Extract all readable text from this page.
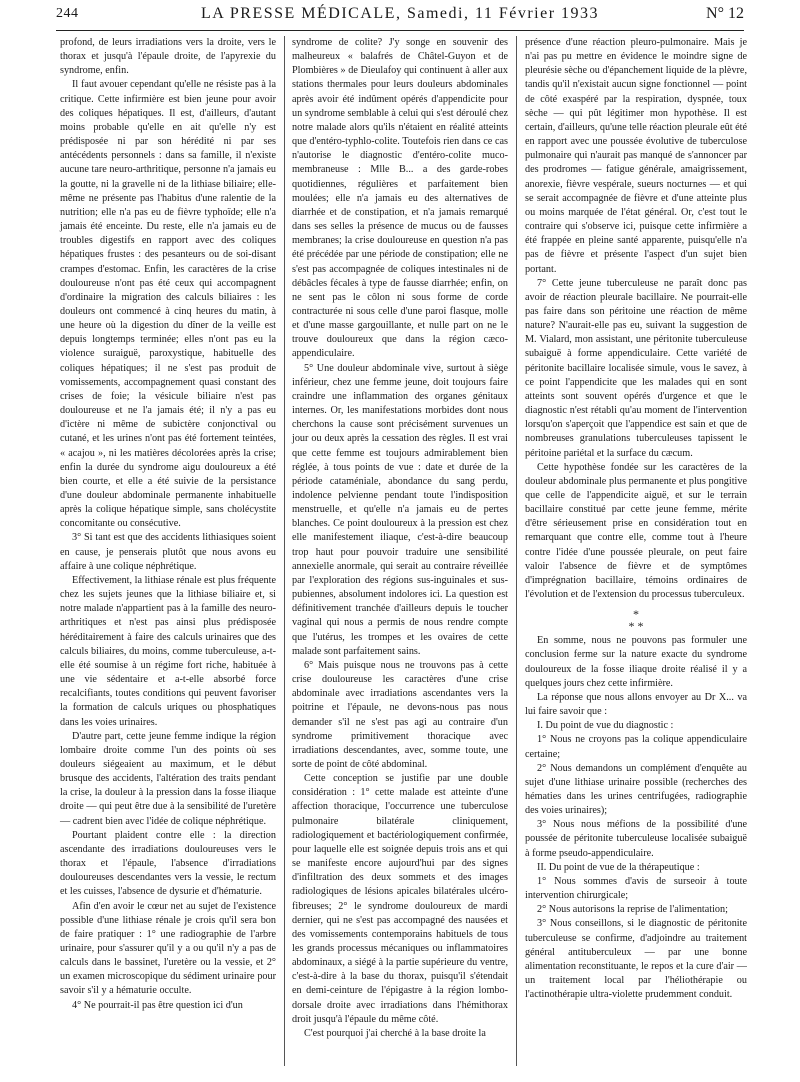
244	LA PRESSE MÉDICALE, Samedi, 11 Février 1933	N° 12

profond, de leurs irradiations vers la droite, vers le thorax et jusqu'à l'épaule droite, de l'apyrexie du syndrome, enfin.

Il faut avouer cependant qu'elle ne résiste pas à la critique. Cette infirmière est bien jeune pour avoir des coliques hépatiques. Il est, d'ailleurs, d'autant moins probable qu'elle en ait qu'elle n'y est prédisposée ni par son hérédité ni par ses antécédents personnels : dans sa famille, il n'existe aucune tare neuro-arthritique, personne n'a jamais eu la goutte, ni la gravelle ni de la lithiase biliaire; elle-même ne présente pas l'habitus d'une ralentie de la nutrition; elle n'a pas eu de fièvre typhoïde; elle n'a jamais été enceinte. Du reste, elle n'a jamais eu de troubles digestifs en rapport avec des coliques hépatiques frustes : des pesanteurs ou de soi-disant crampes d'estomac. Enfin, les caractères de la crise douloureuse n'ont pas été ceux qui accompagnent d'ordinaire la migration des calculs biliaires : les douleurs ont commencé à cinq heures du matin, à une heure où la digestion du dîner de la veille est depuis longtemps terminée; elles n'ont pas eu la violence suraiguë, paroxystique, habituelle des coliques hépatiques; il ne s'est pas produit de vomissements, accompagnement quasi constant des crises de foie; la vésicule biliaire n'est pas douloureuse et ne l'a jamais été; il n'y a pas eu d'ictère ni même de subictère conjonctival ou cutané, et les urines n'ont pas été fortement teintées, « acajou », ni les matières décolorées après la crise; enfin la durée du syndrome aigu douloureux a été bien courte, et elle a été suivie de la persistance d'une douleur abdominale permanente inhabituelle après la colique hépatique simple, sans cholécystite concomitante ou consécutive.

3° Si tant est que des accidents lithiasiques soient en cause, je penserais plutôt que nous avons eu affaire à une colique néphrétique.

Effectivement, la lithiase rénale est plus fréquente chez les sujets jeunes que la lithiase biliaire et, si notre malade n'appartient pas à la famille des neuro-arthritiques et n'est pas ainsi plus prédisposée héréditairement à faire des calculs urinaires que des calculs biliaires, du moins, comme tuberculeuse, a-t-elle été soumise à un régime fort riche, habituée à une vie sédentaire et a-t-elle absorbé force recalcifiants, toutes conditions qui peuvent favoriser la formation de calculs uriques ou phosphatiques dans les voies urinaires.

D'autre part, cette jeune femme indique la région lombaire droite comme l'un des points où ses douleurs siégeaient au maximum, et le début brusque des accidents, l'altération des traits pendant la crise, la douleur à la pression dans la fosse iliaque droite — qui peut être due à la sensibilité de l'uretère — cadrent bien avec l'idée de colique néphrétique.

Pourtant plaident contre elle : la direction ascendante des irradiations douloureuses vers le thorax et l'épaule, l'absence d'irradiations douloureuses descendantes vers la vessie, le rectum et les cuisses, l'absence de dysurie et d'hématurie.

Afin d'en avoir le cœur net au sujet de l'existence possible d'une lithiase rénale je crois qu'il sera bon de faire pratiquer : 1° une radiographie de l'arbre urinaire, pour s'assurer qu'il y a ou qu'il n'y a pas de calculs dans le bassinet, l'uretère ou la vessie, et 2° un examen microscopique du sédiment urinaire pour savoir s'il y a hématurie occulte.

4° Ne pourrait-il pas être question ici d'un

syndrome de colite? J'y songe en souvenir des malheureux « balafrés de Châtel-Guyon et de Plombières » de Dieulafoy qui continuent à aller aux stations thermales pour leurs douleurs abdominales après avoir été indûment opérés d'appendicite pour un syndrome semblable à celui qui s'est déroulé chez notre malade alors qu'ils n'étaient en réalité atteints que d'entéro-typhlo-colite. Toutefois rien dans ce cas n'autorise le diagnostic d'entéro-colite muco-membraneuse : Mlle B... a des garde-robes quotidiennes, régulières et parfaitement bien moulées; elle n'a jamais eu des alternatives de diarrhée et de constipation, et n'a jamais remarqué dans ses selles la présence de mucus ou de fausses membranes; la crise douloureuse en question n'a pas été précédée par une période de constipation; elle ne s'est pas accompagnée de coliques intestinales ni de débâcles fécales à type de fausse diarrhée; enfin, on ne sent pas le côlon ni sous forme de corde contracturée ni sous celle d'une paroi flasque, molle et d'une masse gargouillante, et nulle part on ne le trouve douloureux que dans la région cæco-appendiculaire.

5° Une douleur abdominale vive, surtout à siège inférieur, chez une femme jeune, doit toujours faire craindre une inflammation des organes génitaux internes. Or, les manifestations morbides dont nous cherchons la cause sont précisément survenues un jour ou deux après la cessation des règles. Il est vrai que cette femme est toujours admirablement bien réglée, à tous points de vue : date et durée de la période cataméniale, abondance du sang perdu, indolence pelvienne pendant toute l'indisposition menstruelle, et qu'elle n'a jamais eu de pertes blanches. Ce point douloureux à la pression est chez elle manifestement iliaque, c'est-à-dire beaucoup trop haut pour pouvoir traduire une sensibilité annexielle anormale, qui serait au contraire réveillée par l'exploration des régions sus-inguinales et sus-pubiennes, absolument indolores ici. La question est définitivement tranchée d'ailleurs depuis le toucher vaginal qui nous a permis de nous rendre compte que l'utérus, les trompes et les ovaires de cette malade sont parfaitement sains.

6° Mais puisque nous ne trouvons pas à cette crise douloureuse les caractères d'une crise abdominale avec irradiations ascendantes vers la poitrine et l'épaule, ne devons-nous pas nous demander s'il ne s'est pas agi au contraire d'un syndrome primitivement thoracique avec irradiations descendantes, avec, somme toute, une sorte de point de côté abdominal.

Cette conception se justifie par une double considération : 1° cette malade est atteinte d'une affection thoracique, l'occurrence une tuberculose pulmonaire bilatérale cliniquement, radiologiquement et bactériologiquement confirmée, pour laquelle elle est soignée depuis trois ans et qui se manifeste encore aujourd'hui par des signes d'infiltration des deux sommets et des images radiologiques de lésions apicales bilatérales ulcéro-fibreuses; 2° le syndrome douloureux de mardi dernier, qui ne s'est pas accompagné des nausées et des vomissements contemporains habituels de tous les grands processus mécaniques ou inflammatoires abdominaux, a siégé à la partie supérieure du ventre, c'est-à-dire à la base du thorax, puisqu'il s'étendait en demi-ceinture de l'épigastre à la région lombo-dorsale droite avec irradiations dans l'hémithorax droit jusqu'à l'épaule du même côté.

C'est pourquoi j'ai cherché à la base droite la

présence d'une réaction pleuro-pulmonaire. Mais je n'ai pas pu mettre en évidence le moindre signe de pleurésie sèche ou d'épanchement liquide de la plèvre, tandis qu'il n'existait aucun signe fonctionnel — point de côté exaspéré par la respiration, dyspnée, toux sèche — qui pût légitimer mon hypothèse. Il est certain, d'ailleurs, qu'une telle réaction pleurale eût été en rapport avec une poussée évolutive de tuberculose pulmonaire qui n'aurait pas manqué de s'annoncer par des prodromes — fatigue générale, amaigrissement, anorexie, fièvre vespérale, sueurs nocturnes — et qui se serait accompagnée de fièvre et d'une atteinte plus ou moins marquée de l'état général. Or, c'est tout le contraire qui s'observe ici, puisque cette infirmière a été frappée en pleine santé apparente, puisqu'elle n'a pas de fièvre et présente l'aspect d'un sujet bien portant.

7° Cette jeune tuberculeuse ne paraît donc pas avoir de réaction pleurale bacillaire. Ne pourrait-elle pas faire dans son péritoine une réaction de même nature? N'aurait-elle pas eu, suivant la suggestion de M. Vialard, mon assistant, une péritonite tuberculeuse subaiguë à forme appendiculaire. Cette variété de péritonite bacillaire localisée simule, vous le savez, à ce point l'appendicite que les malades qui en sont atteints sont souvent opérés d'urgence et que le diagnostic n'est rétabli qu'au moment de l'intervention lorsqu'on s'aperçoit que l'appendice est sain et que de nombreuses granulations tuberculeuses tapissent le péritoine pariétal et la surface du cæcum.

Cette hypothèse fondée sur les caractères de la douleur abdominale plus permanente et plus pongitive que celle de l'appendicite aiguë, et sur le terrain bacillaire constitué par cette jeune femme, mérite d'être sérieusement prise en considération tout en remarquant que contre elle, comme tout à l'heure contre l'idée d'une poussée pleurale, on peut faire valoir l'absence de fièvre et de symptômes d'imprégnation bacillaire, témoins ordinaires de l'évolution et de l'extension du processus tuberculeux.

*
* *

En somme, nous ne pouvons pas formuler une conclusion ferme sur la nature exacte du syndrome douloureux de la fosse iliaque droite réalisé il y a quelques jours chez cette infirmière.

La réponse que nous allons envoyer au Dr X... va lui faire savoir que :

I. Du point de vue du diagnostic :

1° Nous ne croyons pas la colique appendiculaire certaine;

2° Nous demandons un complément d'enquête au sujet d'une lithiase urinaire possible (recherches des hématies dans les urines centrifugées, radiographie des voies urinaires);

3° Nous nous méfions de la possibilité d'une poussée de péritonite tuberculeuse localisée subaiguë à forme pseudo-appendiculaire.

II. Du point de vue de la thérapeutique :

1° Nous sommes d'avis de surseoir à toute intervention chirurgicale;

2° Nous autorisons la reprise de l'alimentation;

3° Nous conseillons, si le diagnostic de péritonite tuberculeuse se confirme, d'adjoindre au traitement général antituberculeux — par une bonne alimentation reconstituante, le repos et la cure d'air — un traitement local par l'héliothérapie ou l'actinothérapie ultra-violette prudemment conduit.
